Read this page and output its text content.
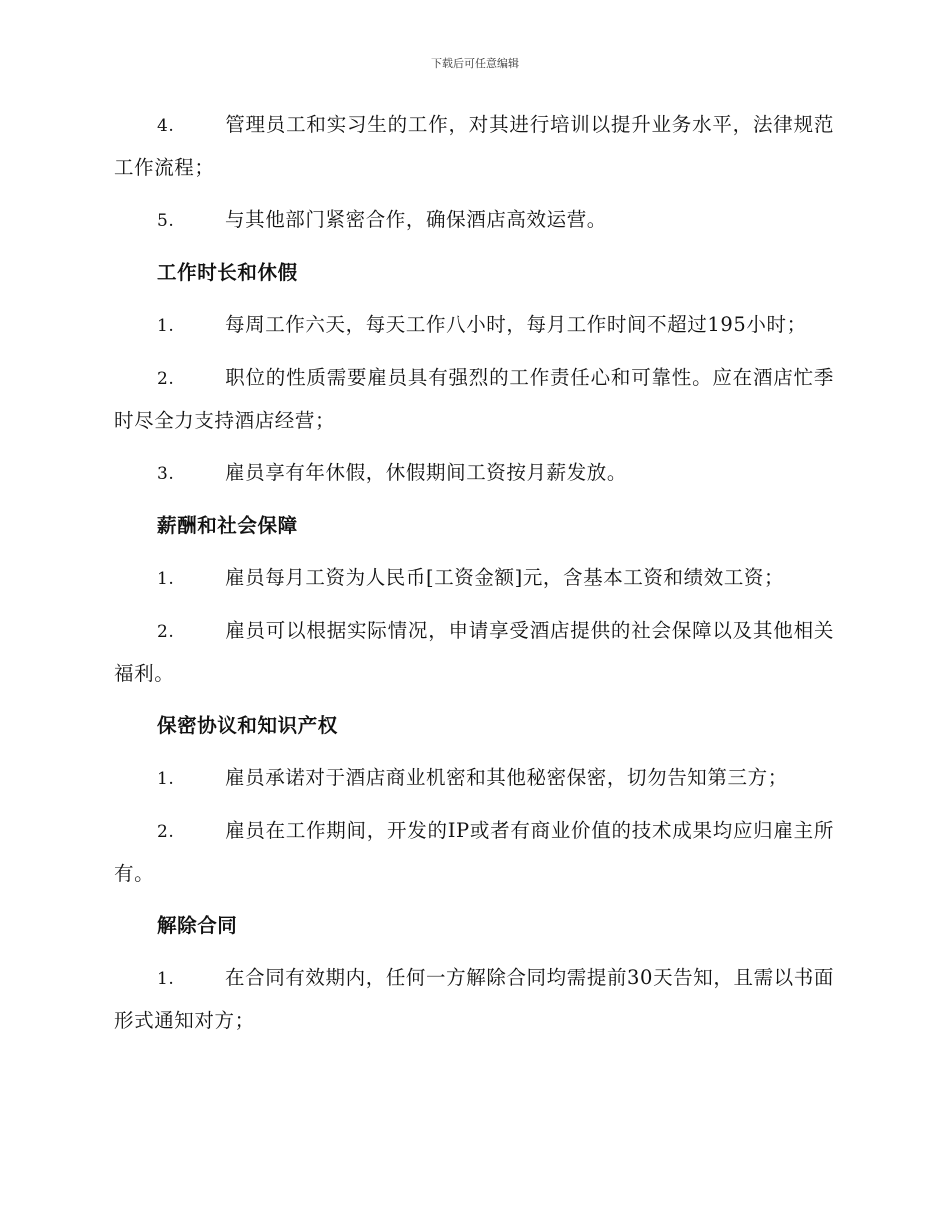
下载后可任意编辑
4.	管理员工和实习生的工作，对其进行培训以提升业务水平，法律规范工作流程；
5.	与其他部门紧密合作，确保酒店高效运营。
工作时长和休假
1.	每周工作六天，每天工作八小时，每月工作时间不超过195小时；
2.	职位的性质需要雇员具有强烈的工作责任心和可靠性。应在酒店忙季时尽全力支持酒店经营；
3.	雇员享有年休假，休假期间工资按月薪发放。
薪酬和社会保障
1.	雇员每月工资为人民币[工资金额]元，含基本工资和绩效工资；
2.	雇员可以根据实际情况，申请享受酒店提供的社会保障以及其他相关福利。
保密协议和知识产权
1.	雇员承诺对于酒店商业机密和其他秘密保密，切勿告知第三方；
2.	雇员在工作期间，开发的IP或者有商业价值的技术成果均应归雇主所有。
解除合同
1.	在合同有效期内，任何一方解除合同均需提前30天告知，且需以书面形式通知对方；
